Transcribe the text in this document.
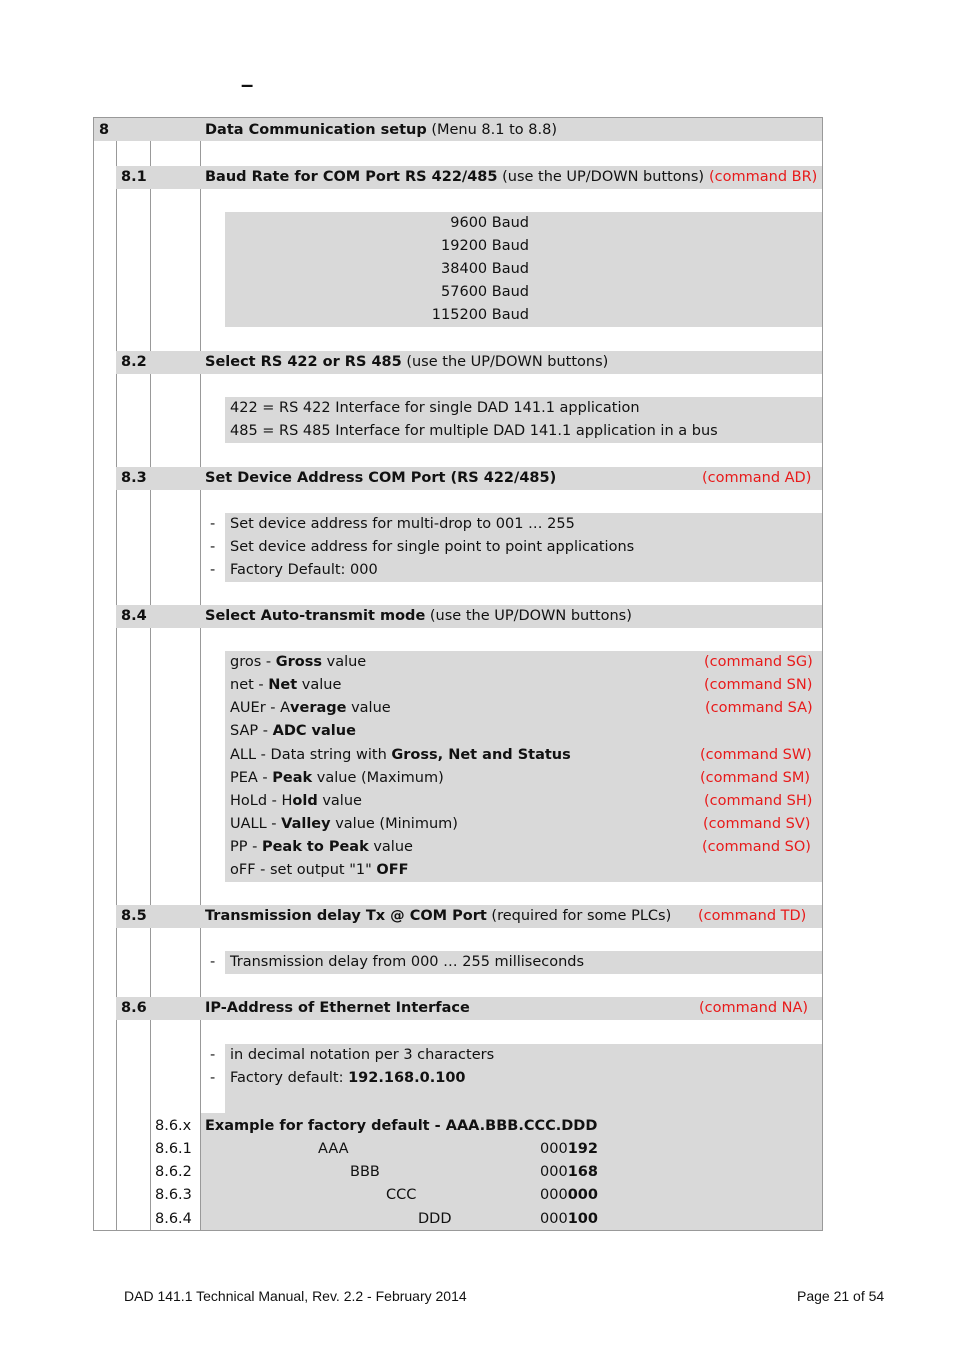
–
8	Data Communication setup (Menu 8.1 to 8.8)
8.1	Baud Rate for COM Port RS 422/485 (use the UP/DOWN buttons) (command BR)
9600 Baud
19200 Baud
38400 Baud
57600 Baud
115200 Baud
8.2	Select RS 422 or RS 485 (use the UP/DOWN buttons)
422 = RS 422 Interface for single DAD 141.1 application
485 = RS 485 Interface for multiple DAD 141.1 application in a bus
8.3	Set Device Address COM Port (RS 422/485)	(command AD)
- Set device address for multi-drop to 001 … 255
- Set device address for single point to point applications
- Factory Default: 000
8.4	Select Auto-transmit mode (use the UP/DOWN buttons)
gros - Gross value	(command SG)
net - Net value	(command SN)
AUEr - Average value	(command SA)
SAP - ADC value
ALL - Data string with Gross, Net and Status	(command SW)
PEA - Peak value (Maximum)	(command SM)
HoLd - Hold value	(command SH)
UALL - Valley value (Minimum)	(command SV)
PP - Peak to Peak value	(command SO)
oFF - set output "1" OFF
8.5	Transmission delay Tx @ COM Port (required for some PLCs) (command TD)
- Transmission delay from 000 … 255 milliseconds
8.6	IP-Address of Ethernet Interface	(command NA)
- in decimal notation per 3 characters
- Factory default: 192.168.0.100
8.6.x Example for factory default - AAA.BBB.CCC.DDD
8.6.1	AAA	000192
8.6.2	BBB	000168
8.6.3	CCC	000000
8.6.4	DDD	000100
DAD 141.1 Technical Manual, Rev. 2.2 - February 2014	Page 21 of 54
